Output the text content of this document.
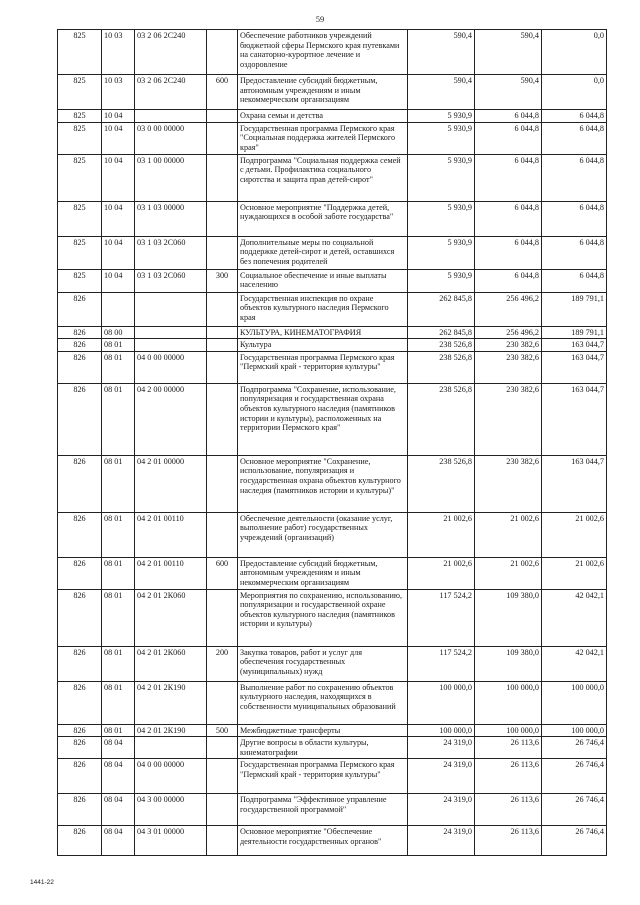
59
825	10 03	03 2 06 2С240		Обеспечение работников учреждений бюджетной сферы Пермского края путевками на санаторно-курортное лечение и оздоровление	590,4	590,4	0,0
825	10 03	03 2 06 2С240	600	Предоставление субсидий бюджетным, автономным учреждениям и иным некоммерческим организациям	590,4	590,4	0,0
825	10 04			Охрана семьи и детства	5 930,9	6 044,8	6 044,8
825	10 04	03 0 00 00000		Государственная программа Пермского края "Социальная поддержка жителей Пермского края"	5 930,9	6 044,8	6 044,8
825	10 04	03 1 00 00000		Подпрограмма "Социальная поддержка семей с детьми. Профилактика социального сиротства и защита прав детей-сирот"	5 930,9	6 044,8	6 044,8
825	10 04	03 1 03 00000		Основное мероприятие "Поддержка детей, нуждающихся в особой заботе государства"	5 930,9	6 044,8	6 044,8
825	10 04	03 1 03 2С060		Дополнительные меры по социальной поддержке детей-сирот и детей, оставшихся без попечения родителей	5 930,9	6 044,8	6 044,8
825	10 04	03 1 03 2С060	300	Социальное обеспечение и иные выплаты населению	5 930,9	6 044,8	6 044,8
826				Государственная инспекция по охране объектов культурного наследия Пермского края	262 845,8	256 496,2	189 791,1
826	08 00			КУЛЬТУРА, КИНЕМАТОГРАФИЯ	262 845,8	256 496,2	189 791,1
826	08 01			Культура	238 526,8	230 382,6	163 044,7
826	08 01	04 0 00 00000		Государственная программа Пермского края "Пермский край - территория культуры"	238 526,8	230 382,6	163 044,7
826	08 01	04 2 00 00000		Подпрограмма "Сохранение, использование, популяризация и государственная охрана объектов культурного наследия (памятников истории и культуры), расположенных на территории Пермского края"	238 526,8	230 382,6	163 044,7
826	08 01	04 2 01 00000		Основное мероприятие "Сохранение, использование, популяризация и государственная охрана объектов культурного наследия (памятников истории и культуры)"	238 526,8	230 382,6	163 044,7
826	08 01	04 2 01 00110		Обеспечение деятельности (оказание услуг, выполнение работ) государственных учреждений (организаций)	21 002,6	21 002,6	21 002,6
826	08 01	04 2 01 00110	600	Предоставление субсидий бюджетным, автономным учреждениям и иным некоммерческим организациям	21 002,6	21 002,6	21 002,6
826	08 01	04 2 01 2К060		Мероприятия по сохранению, использованию, популяризации и государственной охране объектов культурного наследия (памятников истории и культуры)	117 524,2	109 380,0	42 042,1
826	08 01	04 2 01 2К060	200	Закупка товаров, работ и услуг для обеспечения государственных (муниципальных) нужд	117 524,2	109 380,0	42 042,1
826	08 01	04 2 01 2К190		Выполнение работ по сохранению объектов культурного наследия, находящихся в собственности муниципальных образований	100 000,0	100 000,0	100 000,0
826	08 01	04 2 01 2К190	500	Межбюджетные трансферты	100 000,0	100 000,0	100 000,0
826	08 04			Другие вопросы в области культуры, кинематографии	24 319,0	26 113,6	26 746,4
826	08 04	04 0 00 00000		Государственная программа Пермского края "Пермский край - территория культуры"	24 319,0	26 113,6	26 746,4
826	08 04	04 3 00 00000		Подпрограмма "Эффективное управление государственной программой"	24 319,0	26 113,6	26 746,4
826	08 04	04 3 01 00000		Основное мероприятие "Обеспечение деятельности государственных органов"	24 319,0	26 113,6	26 746,4
1441-22
